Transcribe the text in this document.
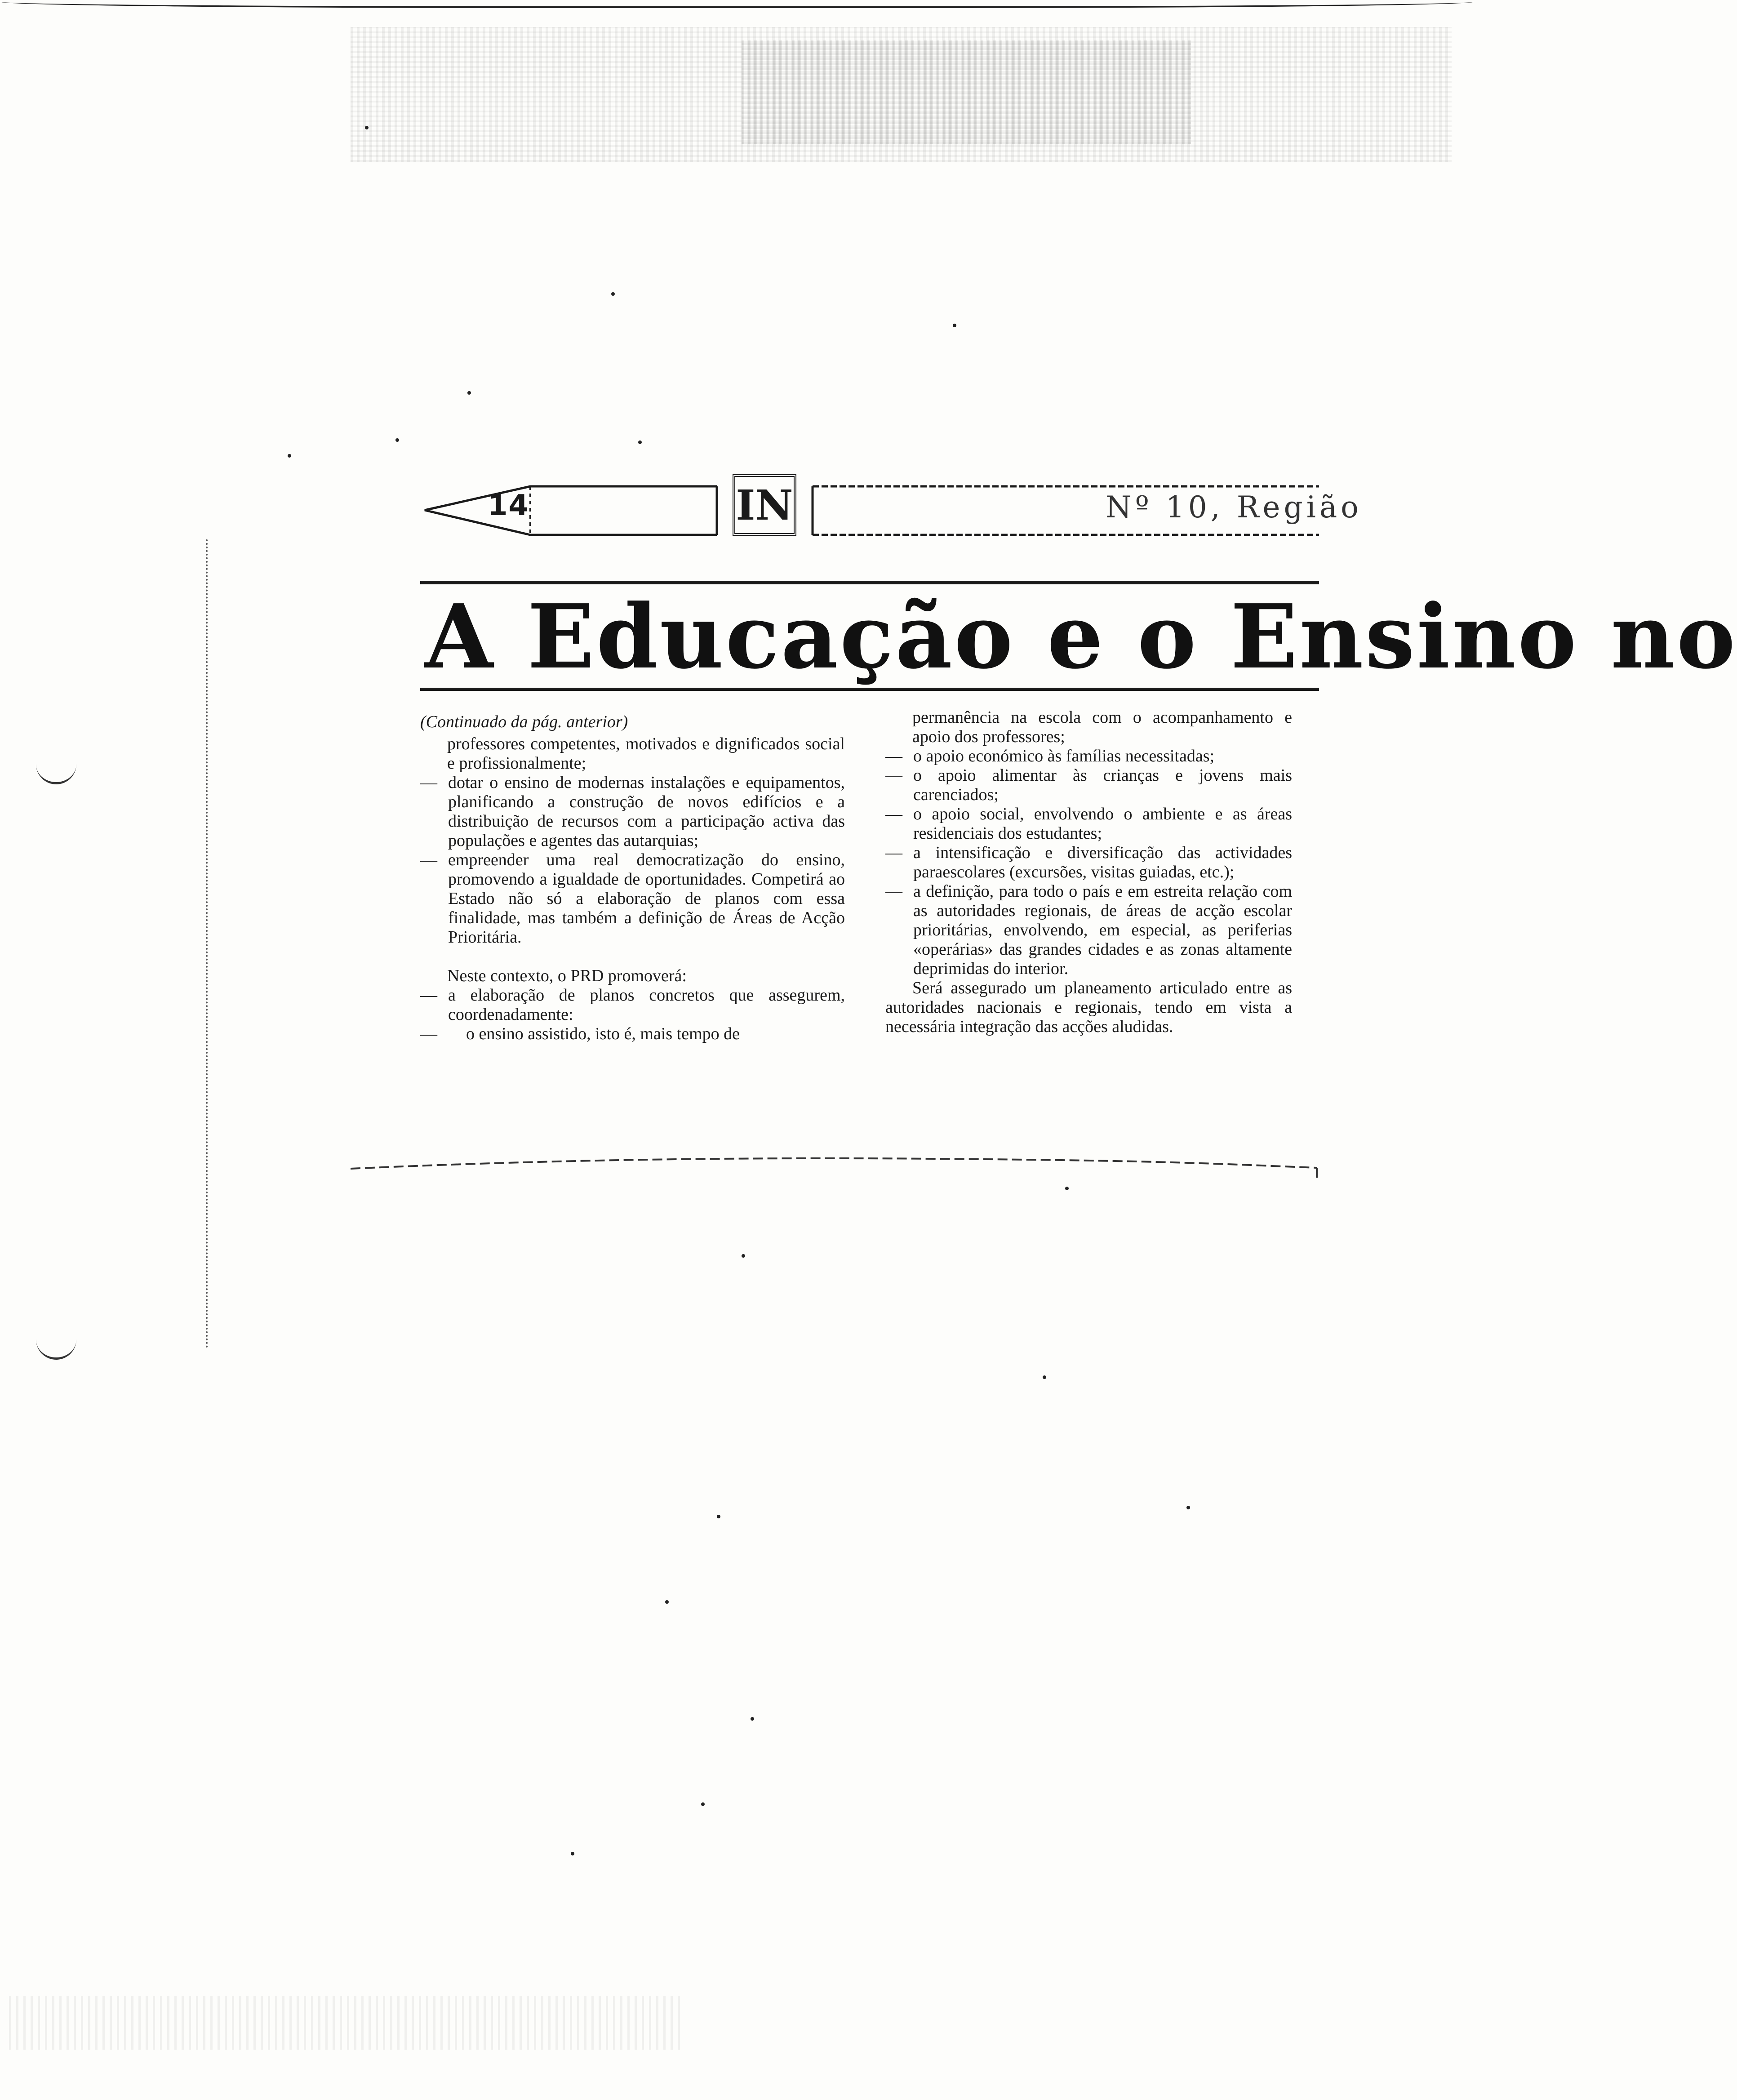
14	IN	Nº 10, Região
A Educação e o Ensino no

(Continuado da pág. anterior)

professores competentes, motivados e dignificados social e profissionalmente;

— dotar o ensino de modernas instalações e equipamentos, planificando a construção de novos edifícios e a distribuição de recursos com a participação activa das populações e agentes das autarquias;
— empreender uma real democratização do ensino, promovendo a igualdade de oportunidades. Competirá ao Estado não só a elaboração de planos com essa finalidade, mas também a definição de Áreas de Acção Prioritária.

Neste contexto, o PRD promoverá:

— a elaboração de planos concretos que assegurem, coordenadamente:
—	o ensino assistido, isto é, mais tempo de

permanência na escola com o acompanhamento e apoio dos professores;

— o apoio económico às famílias necessitadas;
— o apoio alimentar às crianças e jovens mais carenciados;
— o apoio social, envolvendo o ambiente e as áreas residenciais dos estudantes;
— a intensificação e diversificação das actividades paraescolares (excursões, visitas guiadas, etc.);
— a definição, para todo o país e em estreita relação com as autoridades regionais, de áreas de acção escolar prioritárias, envolvendo, em especial, as periferias «operárias» das grandes cidades e as zonas altamente deprimidas do interior.

Será assegurado um planeamento articulado entre as autoridades nacionais e regionais, tendo em vista a necessária integração das acções aludidas.
